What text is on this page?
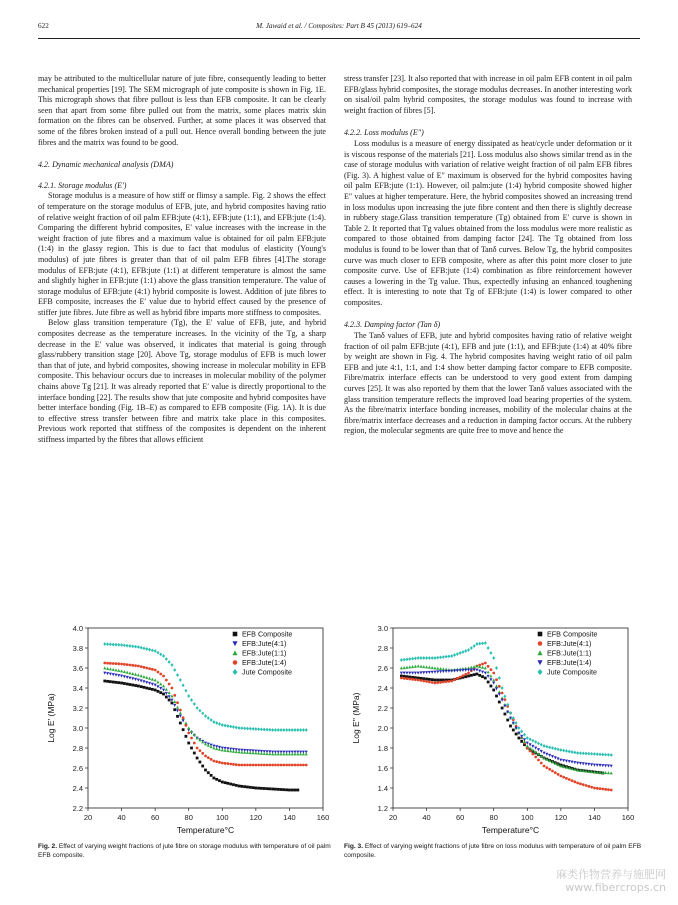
622	M. Jawaid et al. / Composites: Part B 45 (2013) 619–624

may be attributed to the multicellular nature of jute fibre, consequently leading to better mechanical properties [19]. The SEM micrograph of jute composite is shown in Fig. 1E. This micrograph shows that fibre pullout is less than EFB composite. It can be clearly seen that apart from some fibre pulled out from the matrix, some places matrix skin formation on the fibres can be observed. Further, at some places it was observed that some of the fibres broken instead of a pull out. Hence overall bonding between the jute fibres and the matrix was found to be good.

4.2. Dynamic mechanical analysis (DMA)
4.2.1. Storage modulus (E′)

Storage modulus is a measure of how stiff or flimsy a sample. Fig. 2 shows the effect of temperature on the storage modulus of EFB, jute, and hybrid composites having ratio of relative weight fraction of oil palm EFB:jute (4:1), EFB:jute (1:1), and EFB:jute (1:4). Comparing the different hybrid composites, E′ value increases with the increase in the weight fraction of jute fibres and a maximum value is obtained for oil palm EFB:jute (1:4) in the glassy region. This is due to fact that modulus of elasticity (Young's modulus) of jute fibres is greater than that of oil palm EFB fibres [4].The storage modulus of EFB:jute (4:1), EFB:jute (1:1) at different temperature is almost the same and slightly higher in EFB:jute (1:1) above the glass transition temperature. The value of storage modulus of EFB:jute (4:1) hybrid composite is lowest. Addition of jute fibres to EFB composite, increases the E′ value due to hybrid effect caused by the presence of stiffer jute fibres. Jute fibre as well as hybrid fibre imparts more stiffness to composites.

Below glass transition temperature (Tg), the E′ value of EFB, jute, and hybrid composites decrease as the temperature increases. In the vicinity of the Tg, a sharp decrease in the E′ value was observed, it indicates that material is going through glass/rubbery transition stage [20]. Above Tg, storage modulus of EFB is much lower than that of jute, and hybrid composites, showing increase in molecular mobility in EFB composite. This behaviour occurs due to increases in molecular mobility of the polymer chains above Tg [21]. It was already reported that E′ value is directly proportional to the interface bonding [22]. The results show that jute composite and hybrid composites have better interface bonding (Fig. 1B–E) as compared to EFB composite (Fig. 1A). It is due to effective stress transfer between fibre and matrix take place in this composites. Previous work reported that stiffness of the composites is dependent on the inherent stiffness imparted by the fibres that allows efficient

stress transfer [23]. It also reported that with increase in oil palm EFB content in oil palm EFB/glass hybrid composites, the storage modulus decreases. In another interesting work on sisal/oil palm hybrid composites, the storage modulus was found to increase with weight fraction of fibres [5].

4.2.2. Loss modulus (E″)

Loss modulus is a measure of energy dissipated as heat/cycle under deformation or it is viscous response of the materials [21]. Loss modulus also shows similar trend as in the case of storage modulus with variation of relative weight fraction of oil palm EFB fibres (Fig. 3). A highest value of E″ maximum is observed for the hybrid composites having oil palm EFB:jute (1:1). However, oil palm:jute (1:4) hybrid composite showed higher E″ values at higher temperature. Here, the hybrid composites showed an increasing trend in loss modulus upon increasing the jute fibre content and then there is slightly decrease in rubbery stage.Glass transition temperature (Tg) obtained from E′ curve is shown in Table 2. It reported that Tg values obtained from the loss modulus were more realistic as compared to those obtained from damping factor [24]. The Tg obtained from loss modulus is found to be lower than that of Tanδ curves. Below Tg, the hybrid composites curve was much closer to EFB composite, where as after this point more closer to jute composite curve. Use of EFB:jute (1:4) combination as fibre reinforcement however causes a lowering in the Tg value. Thus, expectedly infusing an enhanced toughening effect. It is interesting to note that Tg of EFB:jute (1:4) is lower compared to other composites.

4.2.3. Damping factor (Tan δ)

The Tanδ values of EFB, jute and hybrid composites having ratio of relative weight fraction of oil palm EFB:jute (4:1), EFB and jute (1:1), and EFB:jute (1:4) at 40% fibre by weight are shown in Fig. 4. The hybrid composites having weight ratio of oil palm EFB and jute 4:1, 1:1, and 1:4 show better damping factor compare to EFB composite. Fibre/matrix interface effects can be understood to very good extent from damping curves [25]. It was also reported by them that the lower Tanδ values associated with the glass transition temperature reflects the improved load bearing properties of the system. As the fibre/matrix interface bonding increases, mobility of the molecular chains at the fibre/matrix interface decreases and a reduction in damping factor occurs. At the rubbery region, the molecular segments are quite free to move and hence the

2.2
2.4
2.6
2.8
3.0
3.2
3.4
3.6
3.8
4.0
20	40	60	80	100	120	140	160
Temperature°C
Log E' (MPa)
EFB Composite
EFB:Jute(4:1)
EFB:Jute(1:1)
EFB:Jute(1:4)
Jute Composite
Fig. 2. Effect of varying weight fractions of jute fibre on storage modulus with temperature of oil palm EFB composite.
1.2
1.4
1.6
1.8
2.0
2.2
2.4
2.6
2.8
3.0
20	40	60	80	100	120	140	160
Temperature°C
Log E'' (MPa)
EFB Composite
EFB:Jute(4:1)
EFB:Jute(1:1)
EFB:Jute(1:4)
Jute Composite
Fig. 3. Effect of varying weight fractions of jute fibre on loss modulus with temperature of oil palm EFB composite.
麻类作物营养与施肥网
www.fibercrops.cn
